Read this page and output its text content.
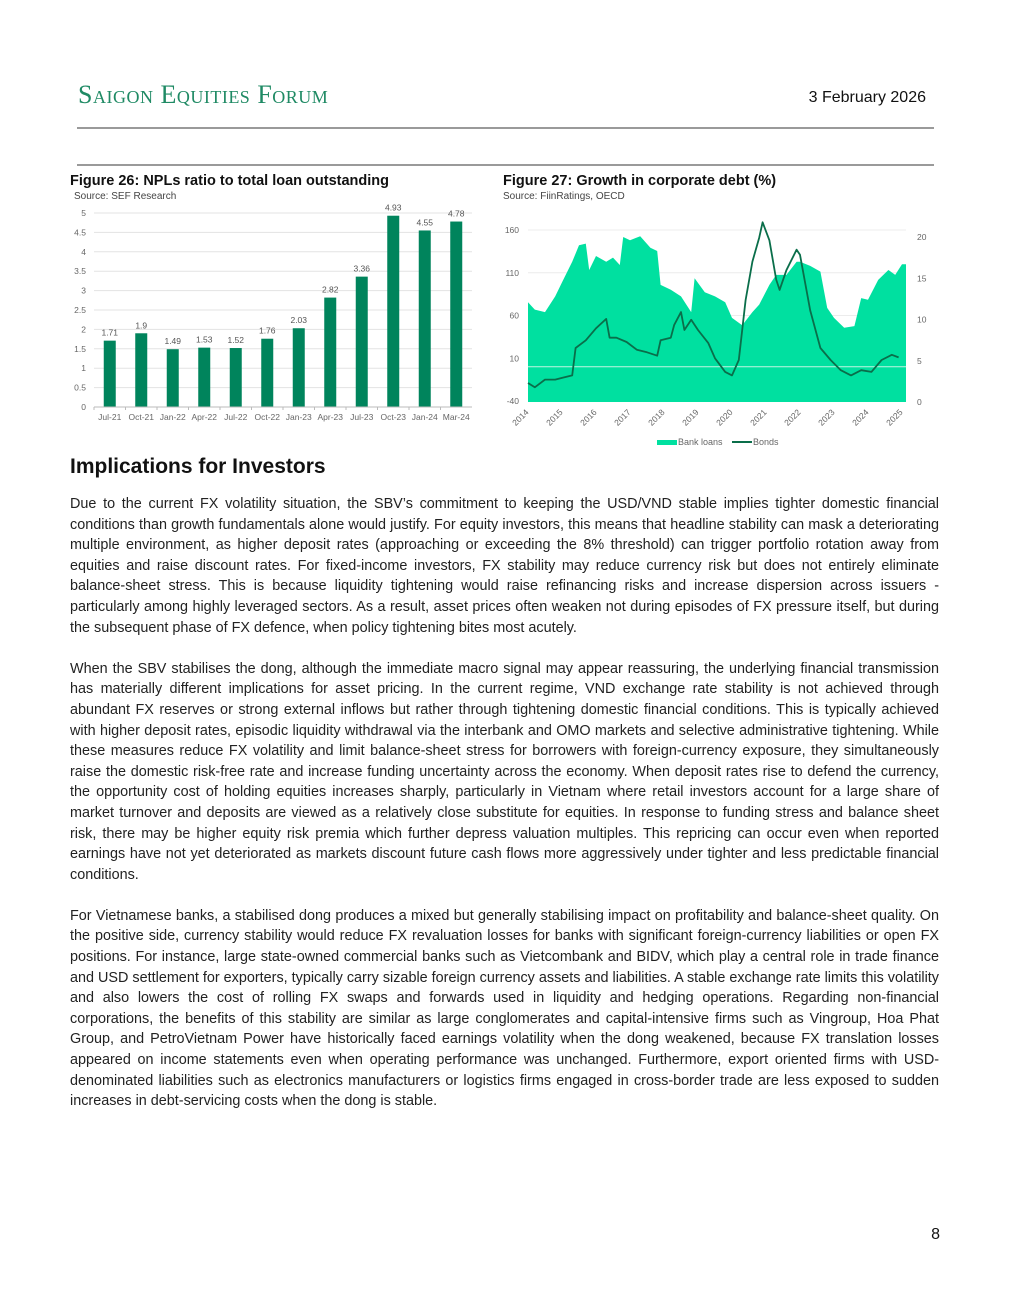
Saigon Equities Forum	3 February 2026
Figure 26: NPLs ratio to total loan outstanding
Source: SEF Research
0
0.5
1
1.5
2
2.5
3
3.5
4
4.5
5
1.71
Jul-21
1.9
Oct-21
1.49
Jan-22
1.53
Apr-22
1.52
Jul-22
1.76
Oct-22
2.03
Jan-23
2.82
Apr-23
3.36
Jul-23
4.93
Oct-23
4.55
Jan-24
4.78
Mar-24
Figure 27: Growth in corporate debt (%)
Source: FiinRatings, OECD
-40
10
60
110
160
0
5
10
15
20
2014 2015 2016 2017 2018 2019 2020 2021 2022 2023 2024 2025
Bank loans	Bonds
Implications for Investors

Due to the current FX volatility situation, the SBV’s commitment to keeping the USD/VND stable implies tighter domestic financial conditions than growth fundamentals alone would justify. For equity investors, this means that headline stability can mask a deteriorating multiple environment, as higher deposit rates (approaching or exceeding the 8% threshold) can trigger portfolio rotation away from equities and raise discount rates. For fixed-income investors, FX stability may reduce currency risk but does not entirely eliminate balance-sheet stress. This is because liquidity tightening would raise refinancing risks and increase dispersion across issuers - particularly among highly leveraged sectors. As a result, asset prices often weaken not during episodes of FX pressure itself, but during the subsequent phase of FX defence, when policy tightening bites most acutely.

When the SBV stabilises the dong, although the immediate macro signal may appear reassuring, the underlying financial transmission has materially different implications for asset pricing. In the current regime, VND exchange rate stability is not achieved through abundant FX reserves or strong external inflows but rather through tightening domestic financial conditions. This is typically achieved with higher deposit rates, episodic liquidity withdrawal via the interbank and OMO markets and selective administrative tightening. While these measures reduce FX volatility and limit balance-sheet stress for borrowers with foreign-currency exposure, they simultaneously raise the domestic risk-free rate and increase funding uncertainty across the economy. When deposit rates rise to defend the currency, the opportunity cost of holding equities increases sharply, particularly in Vietnam where retail investors account for a large share of market turnover and deposits are viewed as a relatively close substitute for equities. In response to funding stress and balance sheet risk, there may be higher equity risk premia which further depress valuation multiples. This repricing can occur even when reported earnings have not yet deteriorated as markets discount future cash flows more aggressively under tighter and less predictable financial conditions.

For Vietnamese banks, a stabilised dong produces a mixed but generally stabilising impact on profitability and balance-sheet quality. On the positive side, currency stability would reduce FX revaluation losses for banks with significant foreign-currency liabilities or open FX positions. For instance, large state-owned commercial banks such as Vietcombank and BIDV, which play a central role in trade finance and USD settlement for exporters, typically carry sizable foreign currency assets and liabilities. A stable exchange rate limits this volatility and also lowers the cost of rolling FX swaps and forwards used in liquidity and hedging operations. Regarding non-financial corporations, the benefits of this stability are similar as large conglomerates and capital-intensive firms such as Vingroup, Hoa Phat Group, and PetroVietnam Power have historically faced earnings volatility when the dong weakened, because FX translation losses appeared on income statements even when operating performance was unchanged. Furthermore, export oriented firms with USD-denominated liabilities such as electronics manufacturers or logistics firms engaged in cross-border trade are less exposed to sudden increases in debt-servicing costs when the dong is stable.

8
